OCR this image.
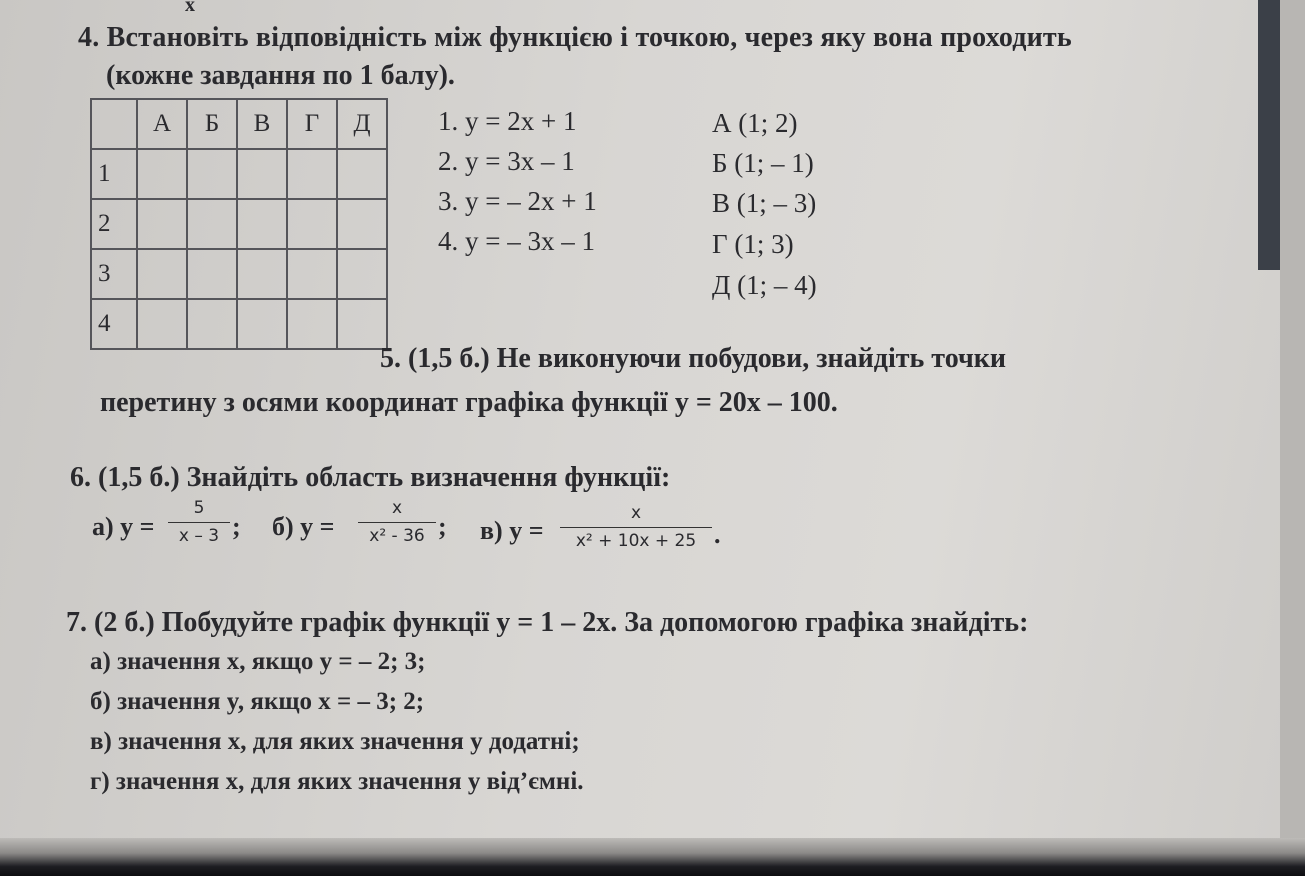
x
4. Встановіть відповідність між функцією і точкою, через яку вона проходить
(кожне завдання по 1 балу).
	А	Б	В	Г	Д
1					
2					
3					
4					
1. y = 2x + 1
2. y = 3x – 1
3. y = – 2x + 1
4. y = – 3x – 1
А (1; 2)
Б (1; – 1)
В (1; – 3)
Г (1; 3)
Д (1; – 4)
5. (1,5 б.) Не виконуючи побудови, знайдіть точки
перетину з осями координат графіка функції y = 20x – 100.
6. (1,5 б.) Знайдіть область визначення функції:
а) y =
5
x – 3 ; б) y =
x
x² - 36 ; в) y =
x
x² + 10x + 25 .
7. (2 б.) Побудуйте графік функції y = 1 – 2x. За допомогою графіка знайдіть:
а) значення x, якщо y = – 2; 3;
б) значення y, якщо x = – 3; 2;
в) значення x, для яких значення y додатні;
г) значення x, для яких значення y від’ємні.
